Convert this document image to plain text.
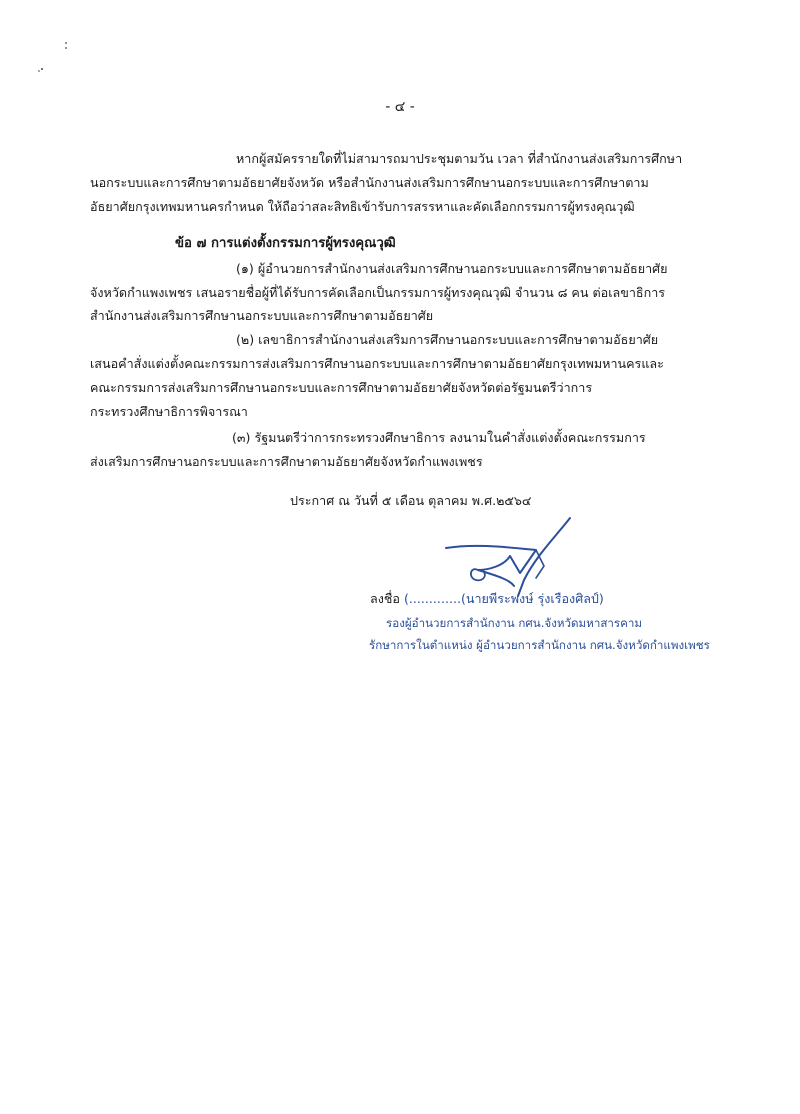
- ๔ -
หากผู้สมัครรายใดที่ไม่สามารถมาประชุมตามวัน เวลา ที่สำนักงานส่งเสริมการศึกษา
นอกระบบและการศึกษาตามอัธยาศัยจังหวัด หรือสำนักงานส่งเสริมการศึกษานอกระบบและการศึกษาตาม
อัธยาศัยกรุงเทพมหานครกำหนด ให้ถือว่าสละสิทธิเข้ารับการสรรหาและคัดเลือกกรรมการผู้ทรงคุณวุฒิ
ข้อ ๗ การแต่งตั้งกรรมการผู้ทรงคุณวุฒิ
(๑) ผู้อำนวยการสำนักงานส่งเสริมการศึกษานอกระบบและการศึกษาตามอัธยาศัย
จังหวัดกำแพงเพชร เสนอรายชื่อผู้ที่ได้รับการคัดเลือกเป็นกรรมการผู้ทรงคุณวุฒิ จำนวน ๘ คน ต่อเลขาธิการ
สำนักงานส่งเสริมการศึกษานอกระบบและการศึกษาตามอัธยาศัย
(๒) เลขาธิการสำนักงานส่งเสริมการศึกษานอกระบบและการศึกษาตามอัธยาศัย
เสนอคำสั่งแต่งตั้งคณะกรรมการส่งเสริมการศึกษานอกระบบและการศึกษาตามอัธยาศัยกรุงเทพมหานครและ
คณะกรรมการส่งเสริมการศึกษานอกระบบและการศึกษาตามอัธยาศัยจังหวัดต่อรัฐมนตรีว่าการ
กระทรวงศึกษาธิการพิจารณา
(๓) รัฐมนตรีว่าการกระทรวงศึกษาธิการ ลงนามในคำสั่งแต่งตั้งคณะกรรมการ
ส่งเสริมการศึกษานอกระบบและการศึกษาตามอัธยาศัยจังหวัดกำแพงเพชร
ประกาศ ณ วันที่ ๕ เดือน ตุลาคม พ.ศ.๒๕๖๔
ลงชื่อ (.............(นายพีระพงษ์ รุ่งเรืองศิลป์)
รองผู้อำนวยการสำนักงาน กศน.จังหวัดมหาสารคาม
รักษาการในตำแหน่ง ผู้อำนวยการสำนักงาน กศน.จังหวัดกำแพงเพชร
